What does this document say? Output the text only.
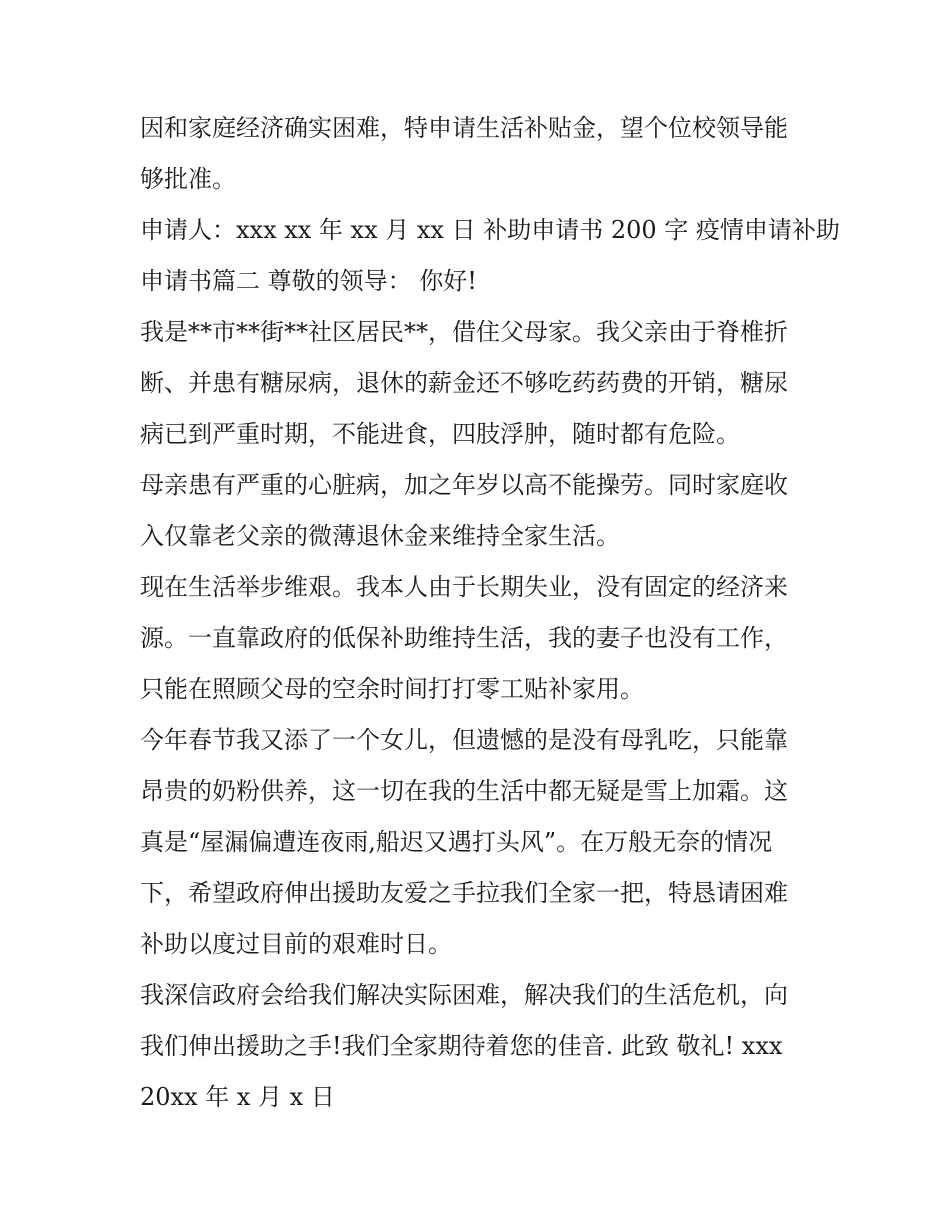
因和家庭经济确实困难，特申请生活补贴金，望个位校领导能
够批准。
申请人：xxx xx 年 xx 月 xx 日 补助申请书 200 字 疫情申请补助
申请书篇二 尊敬的领导： 你好!
我是**市**街**社区居民**，借住父母家。我父亲由于脊椎折
断、并患有糖尿病，退休的薪金还不够吃药药费的开销，糖尿
病已到严重时期，不能进食，四肢浮肿，随时都有危险。
母亲患有严重的心脏病，加之年岁以高不能操劳。同时家庭收
入仅靠老父亲的微薄退休金来维持全家生活。
现在生活举步维艰。我本人由于长期失业，没有固定的经济来
源。一直靠政府的低保补助维持生活，我的妻子也没有工作，
只能在照顾父母的空余时间打打零工贴补家用。
今年春节我又添了一个女儿，但遗憾的是没有母乳吃，只能靠
昂贵的奶粉供养，这一切在我的生活中都无疑是雪上加霜。这
真是“屋漏偏遭连夜雨,船迟又遇打头风”。在万般无奈的情况
下，希望政府伸出援助友爱之手拉我们全家一把，特恳请困难
补助以度过目前的艰难时日。
我深信政府会给我们解决实际困难，解决我们的生活危机，向
我们伸出援助之手!我们全家期待着您的佳音. 此致 敬礼! xxx
20xx 年 x 月 x 日
